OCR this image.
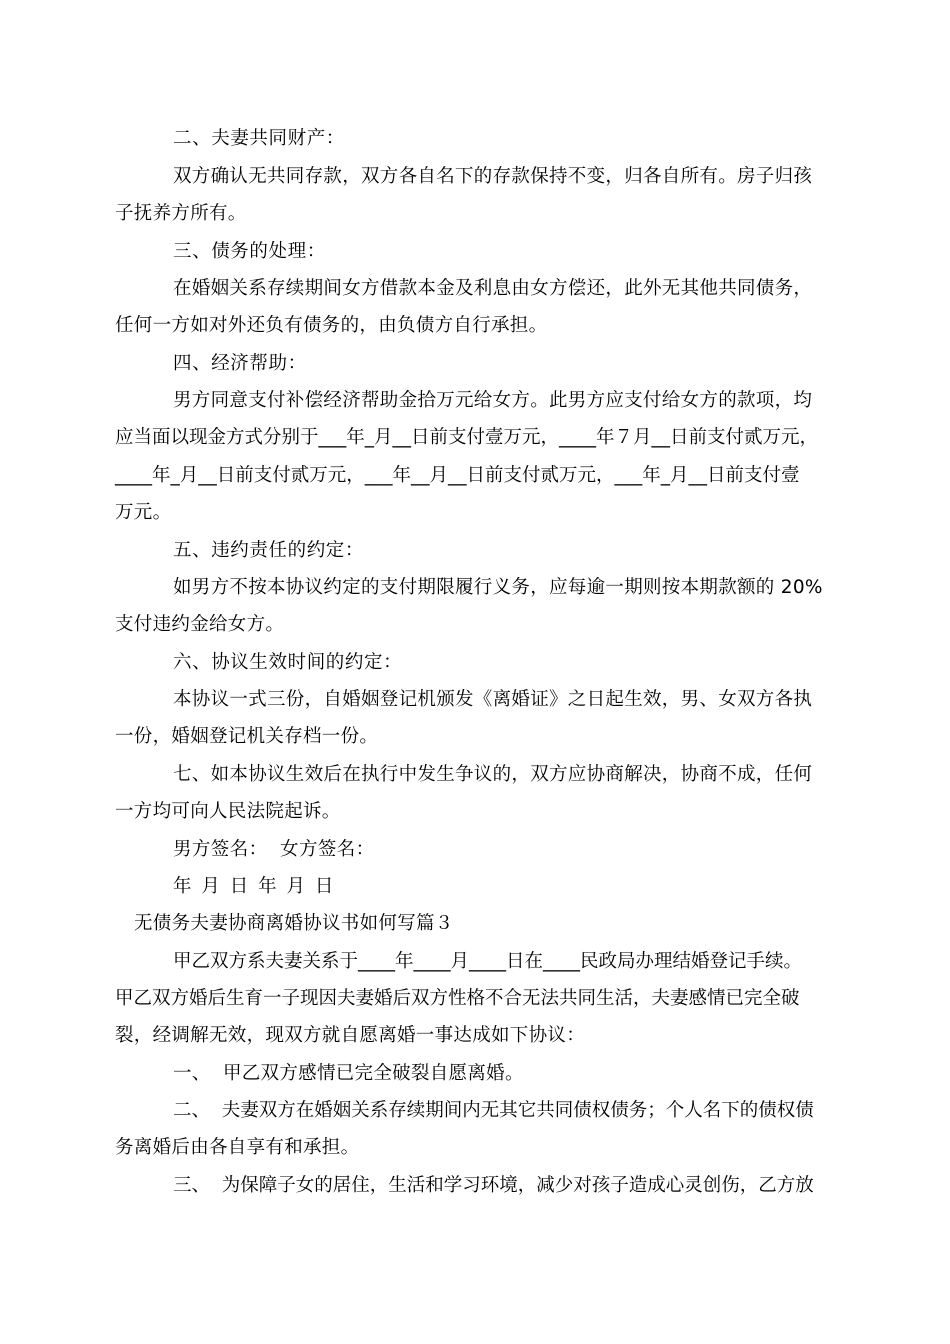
二、夫妻共同财产：
双方确认无共同存款，双方各自名下的存款保持不变，归各自所有。房子归孩
子抚养方所有。
三、债务的处理：
在婚姻关系存续期间女方借款本金及利息由女方偿还，此外无其他共同债务，
任何一方如对外还负有债务的，由负债方自行承担。
四、经济帮助：
男方同意支付补偿经济帮助金拾万元给女方。此男方应支付给女方的款项，均
应当面以现金方式分别于___年_月__日前支付壹万元，____年７月__日前支付贰万元，
____年_月__日前支付贰万元，___年__月__日前支付贰万元，___年_月__日前支付壹
万元。
五、违约责任的约定：
如男方不按本协议约定的支付期限履行义务，应每逾一期则按本期款额的 20%
支付违约金给女方。
六、协议生效时间的约定：
本协议一式三份，自婚姻登记机颁发《离婚证》之日起生效，男、女双方各执
一份，婚姻登记机关存档一份。
七、如本协议生效后在执行中发生争议的，双方应协商解决，协商不成，任何
一方均可向人民法院起诉。
男方签名：  女方签名：
年 月 日 年 月 日
无债务夫妻协商离婚协议书如何写篇３
甲乙双方系夫妻关系于____年____月____日在____民政局办理结婚登记手续。
甲乙双方婚后生育一子现因夫妻婚后双方性格不合无法共同生活，夫妻感情已完全破
裂，经调解无效，现双方就自愿离婚一事达成如下协议：
一、  甲乙双方感情已完全破裂自愿离婚。
二、  夫妻双方在婚姻关系存续期间内无其它共同债权债务；个人名下的债权债
务离婚后由各自享有和承担。
三、  为保障子女的居住，生活和学习环境，减少对孩子造成心灵创伤，乙方放
